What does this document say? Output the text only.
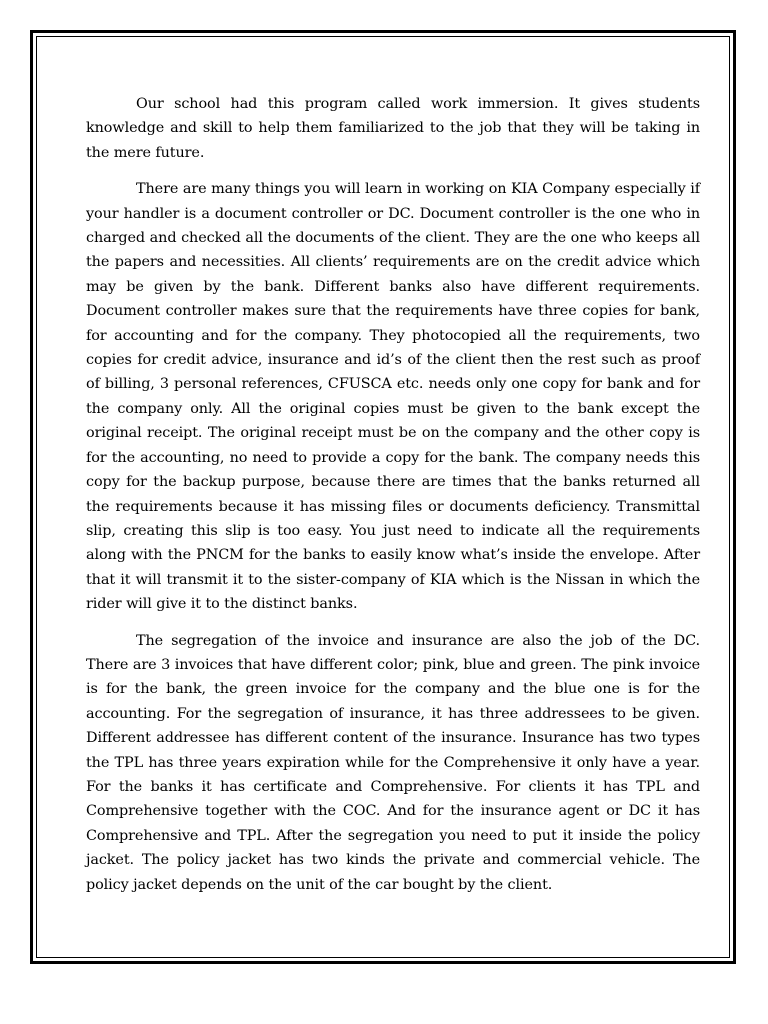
Our school had this program called work immersion. It gives students knowledge and skill to help them familiarized to the job that they will be taking in the mere future.

There are many things you will learn in working on KIA Company especially if your handler is a document controller or DC. Document controller is the one who in charged and checked all the documents of the client. They are the one who keeps all the papers and necessities. All clients’ requirements are on the credit advice which may be given by the bank. Different banks also have different requirements. Document controller makes sure that the requirements have three copies for bank, for accounting and for the company. They photocopied all the requirements, two copies for credit advice, insurance and id’s of the client then the rest such as proof of billing, 3 personal references, CFUSCA etc. needs only one copy for bank and for the company only. All the original copies must be given to the bank except the original receipt. The original receipt must be on the company and the other copy is for the accounting, no need to provide a copy for the bank. The company needs this copy for the backup purpose, because there are times that the banks returned all the requirements because it has missing files or documents deficiency. Transmittal slip, creating this slip is too easy. You just need to indicate all the requirements along with the PNCM for the banks to easily know what’s inside the envelope. After that it will transmit it to the sister-company of KIA which is the Nissan in which the rider will give it to the distinct banks.

The segregation of the invoice and insurance are also the job of the DC. There are 3 invoices that have different color; pink, blue and green. The pink invoice is for the bank, the green invoice for the company and the blue one is for the accounting. For the segregation of insurance, it has three addressees to be given. Different addressee has different content of the insurance. Insurance has two types the TPL has three years expiration while for the Comprehensive it only have a year. For the banks it has certificate and Comprehensive. For clients it has TPL and Comprehensive together with the COC. And for the insurance agent or DC it has Comprehensive and TPL. After the segregation you need to put it inside the policy jacket. The policy jacket has two kinds the private and commercial vehicle. The policy jacket depends on the unit of the car bought by the client.
